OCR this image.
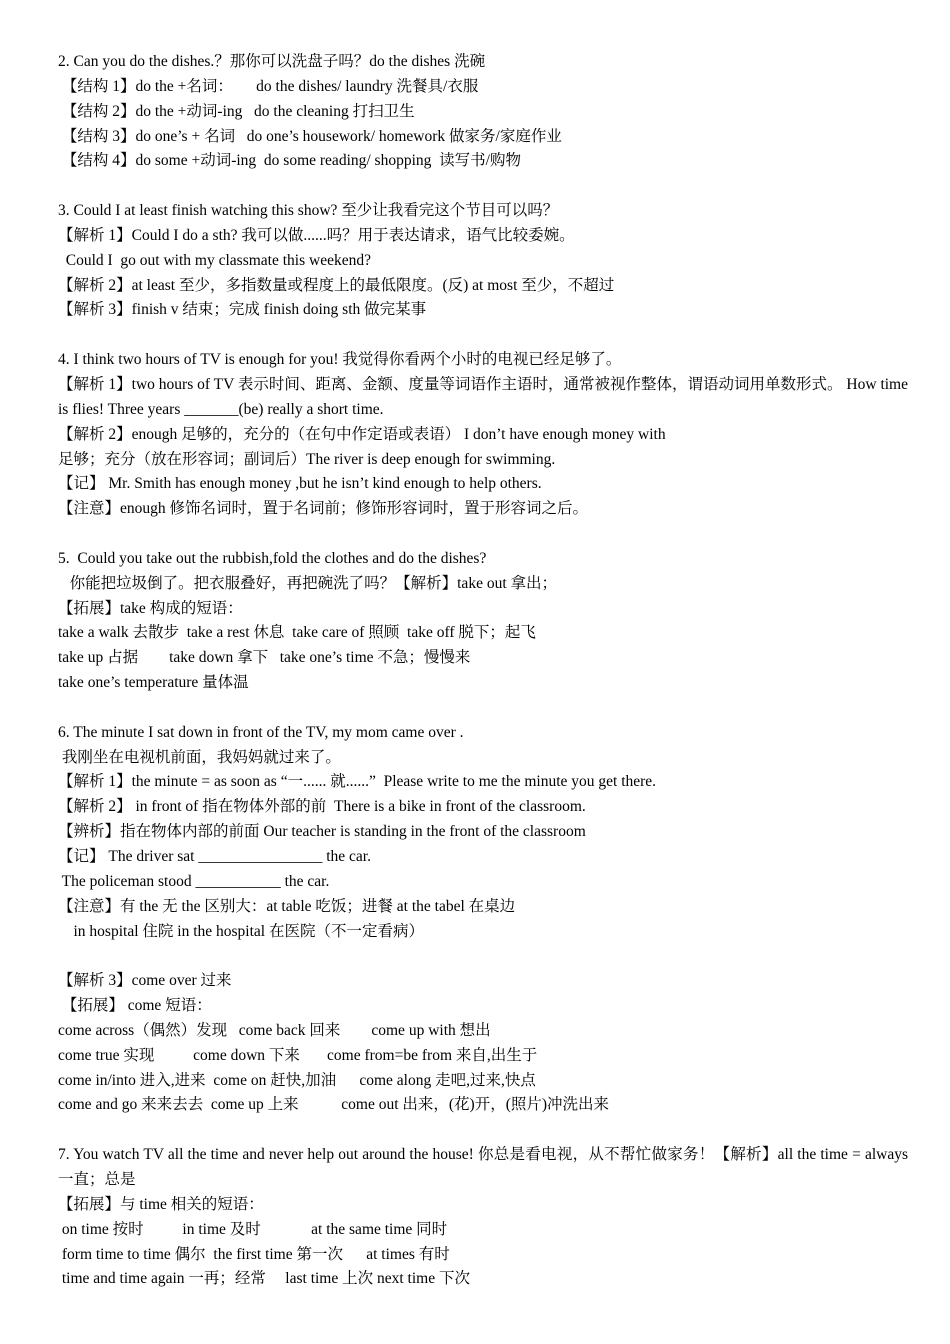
2. Can you do the dishes.？那你可以洗盘子吗？do the dishes 洗碗
【结构 1】do the +名词：      do the dishes/ laundry 洗餐具/衣服
【结构 2】do the +动词-ing   do the cleaning 打扫卫生
【结构 3】do one’s + 名词   do one’s housework/ homework 做家务/家庭作业
【结构 4】do some +动词-ing  do some reading/ shopping  读写书/购物
3. Could I at least finish watching this show? 至少让我看完这个节目可以吗？
【解析 1】Could I do a sth? 我可以做......吗？用于表达请求，语气比较委婉。
Could I  go out with my classmate this weekend?
【解析 2】at least 至少，多指数量或程度上的最低限度。(反) at most 至少，不超过
【解析 3】finish v 结束；完成 finish doing sth 做完某事
4. I think two hours of TV is enough for you! 我觉得你看两个小时的电视已经足够了。
【解析 1】two hours of TV 表示时间、距离、金额、度量等词语作主语时，通常被视作整体，谓语动词用单数形式。 How time is flies! Three years _______(be) really a short time.
【解析 2】enough 足够的，充分的（在句中作定语或表语） I don’t have enough money with
足够；充分（放在形容词；副词后）The river is deep enough for swimming.
【记】 Mr. Smith has enough money ,but he isn’t kind enough to help others.
【注意】enough 修饰名词时，置于名词前；修饰形容词时，置于形容词之后。
5.  Could you take out the rubbish,fold the clothes and do the dishes?
你能把垃圾倒了。把衣服叠好，再把碗洗了吗？【解析】take out 拿出；
【拓展】take 构成的短语：
take a walk 去散步  take a rest 休息  take care of 照顾  take off 脱下；起飞
take up 占据        take down 拿下   take one’s time 不急；慢慢来
take one’s temperature 量体温
6. The minute I sat down in front of the TV, my mom came over .
我刚坐在电视机前面，我妈妈就过来了。
【解析 1】the minute = as soon as “一...... 就......”  Please write to me the minute you get there.
【解析 2】 in front of 指在物体外部的前  There is a bike in front of the classroom.
【辨析】指在物体内部的前面 Our teacher is standing in the front of the classroom
【记】 The driver sat ________________ the car.
The policeman stood ___________ the car.
【注意】有 the 无 the 区别大：at table 吃饭；进餐 at the tabel 在桌边
in hospital 住院 in the hospital 在医院（不一定看病）
【解析 3】come over 过来
【拓展】 come 短语：
come across（偶然）发现   come back 回来        come up with 想出
come true 实现          come down 下来       come from=be from 来自,出生于
come in/into 进入,进来  come on 赶快,加油      come along 走吧,过来,快点
come and go 来来去去  come up 上来           come out 出来，(花)开，(照片)冲洗出来
7. You watch TV all the time and never help out around the house! 你总是看电视，从不帮忙做家务！【解析】all the time = always 一直；总是
【拓展】与 time 相关的短语：
on time 按时          in time 及时             at the same time 同时
form time to time 偶尔  the first time 第一次      at times 有时
time and time again 一再；经常     last time 上次 next time 下次
